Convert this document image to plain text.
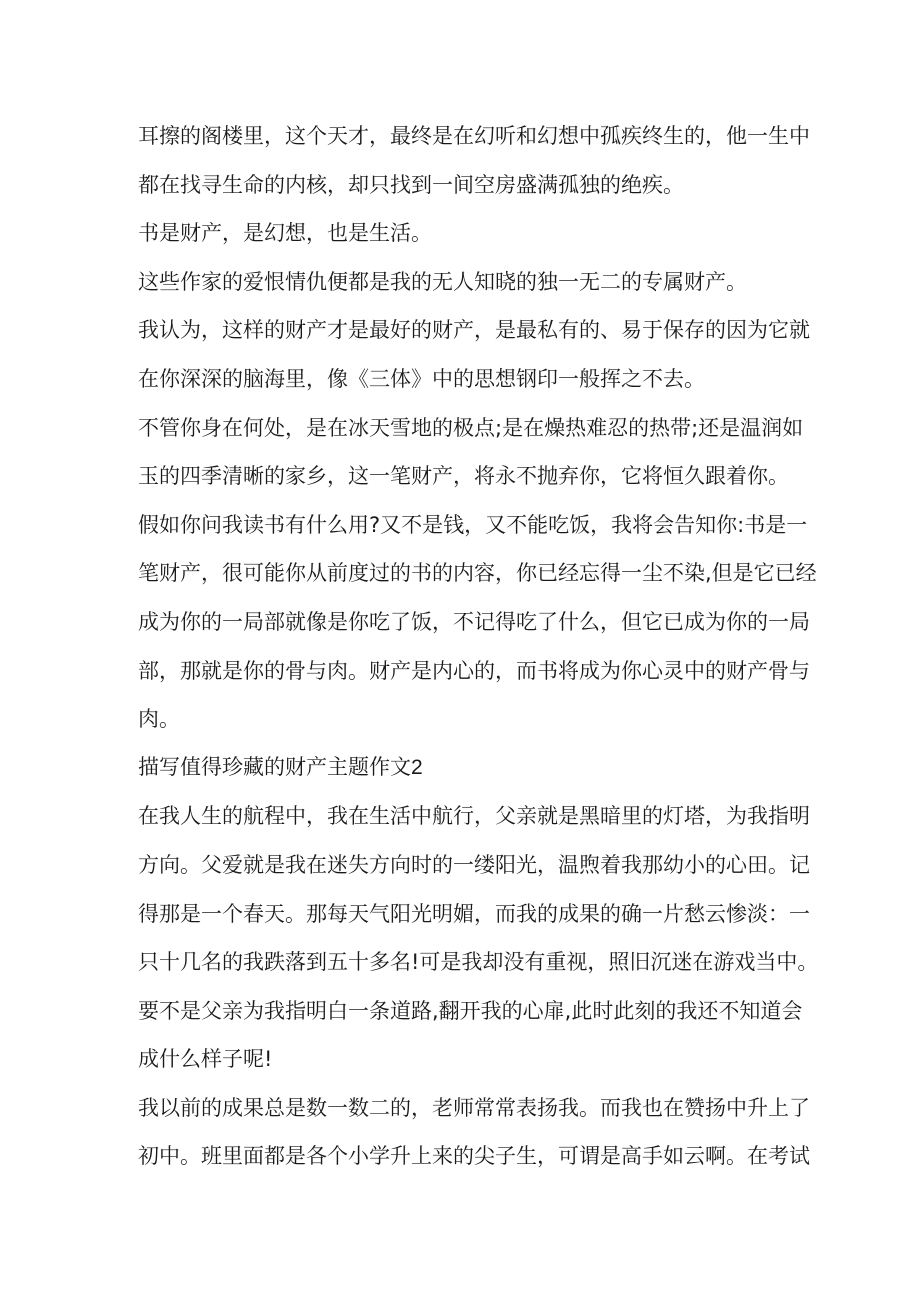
耳擦的阁楼里，这个天才，最终是在幻听和幻想中孤疾终生的，他一生中
都在找寻生命的内核，却只找到一间空房盛满孤独的绝疾。
书是财产，是幻想，也是生活。
这些作家的爱恨情仇便都是我的无人知晓的独一无二的专属财产。
我认为，这样的财产才是最好的财产，是最私有的、易于保存的因为它就
在你深深的脑海里，像《三体》中的思想钢印一般挥之不去。
不管你身在何处，是在冰天雪地的极点;是在燥热难忍的热带;还是温润如
玉的四季清晰的家乡，这一笔财产，将永不抛弃你，它将恒久跟着你。
假如你问我读书有什么用?又不是钱，又不能吃饭，我将会告知你:书是一
笔财产，很可能你从前度过的书的内容，你已经忘得一尘不染,但是它已经
成为你的一局部就像是你吃了饭，不记得吃了什么，但它已成为你的一局
部，那就是你的骨与肉。财产是内心的，而书将成为你心灵中的财产骨与
肉。
描写值得珍藏的财产主题作文2
在我人生的航程中，我在生活中航行，父亲就是黑暗里的灯塔，为我指明
方向。父爱就是我在迷失方向时的一缕阳光，温煦着我那幼小的心田。记
得那是一个春天。那每天气阳光明媚，而我的成果的确一片愁云惨淡：一
只十几名的我跌落到五十多名!可是我却没有重视，照旧沉迷在游戏当中。
要不是父亲为我指明白一条道路,翻开我的心扉,此时此刻的我还不知道会
成什么样子呢!
我以前的成果总是数一数二的，老师常常表扬我。而我也在赞扬中升上了
初中。班里面都是各个小学升上来的尖子生，可谓是高手如云啊。在考试
